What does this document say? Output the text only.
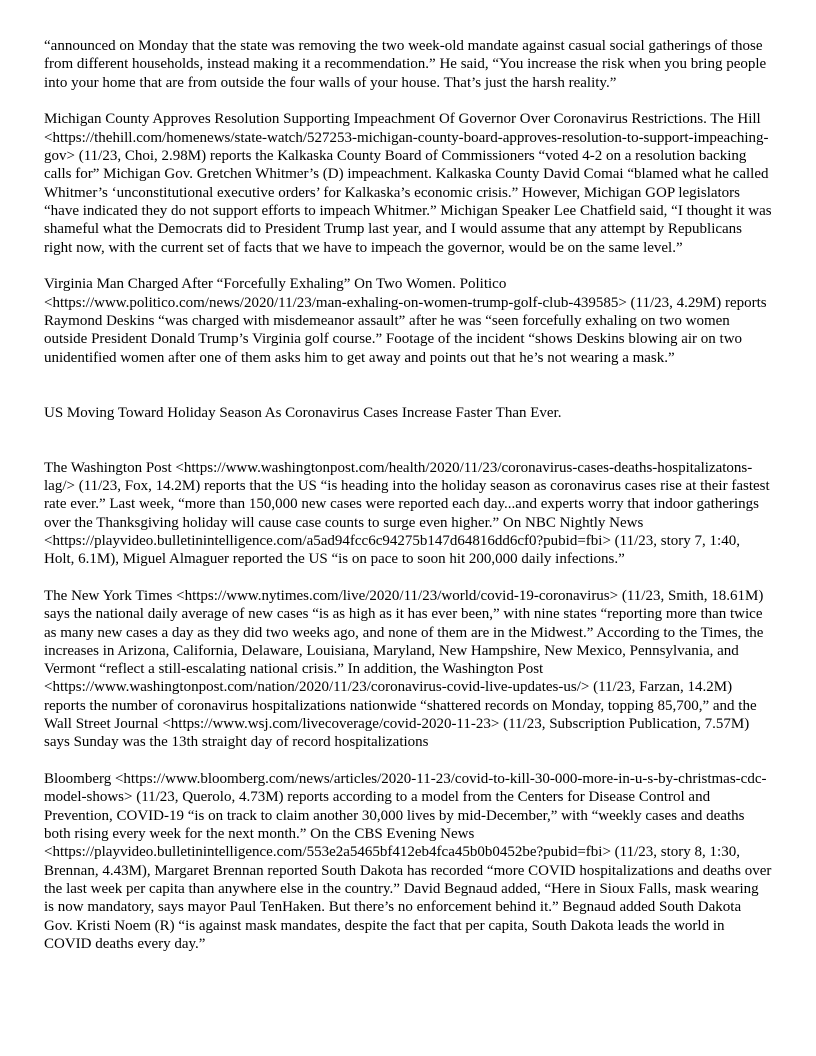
“announced on Monday that the state was removing the two week-old mandate against casual social gatherings of those from different households, instead making it a recommendation.” He said, “You increase the risk when you bring people into your home that are from outside the four walls of your house. That’s just the harsh reality.”

Michigan County Approves Resolution Supporting Impeachment Of Governor Over Coronavirus Restrictions. The Hill <https://thehill.com/homenews/state-watch/527253-michigan-county-board-approves-resolution-to-support-impeaching-gov> (11/23, Choi, 2.98M) reports the Kalkaska County Board of Commissioners “voted 4-2 on a resolution backing calls for” Michigan Gov. Gretchen Whitmer’s (D) impeachment. Kalkaska County David Comai “blamed what he called Whitmer’s ‘unconstitutional executive orders’ for Kalkaska’s economic crisis.” However, Michigan GOP legislators “have indicated they do not support efforts to impeach Whitmer.” Michigan Speaker Lee Chatfield said, “I thought it was shameful what the Democrats did to President Trump last year, and I would assume that any attempt by Republicans right now, with the current set of facts that we have to impeach the governor, would be on the same level.”

Virginia Man Charged After “Forcefully Exhaling” On Two Women. Politico <https://www.politico.com/news/2020/11/23/man-exhaling-on-women-trump-golf-club-439585> (11/23, 4.29M) reports Raymond Deskins “was charged with misdemeanor assault” after he was “seen forcefully exhaling on two women outside President Donald Trump’s Virginia golf course.” Footage of the incident “shows Deskins blowing air on two unidentified women after one of them asks him to get away and points out that he’s not wearing a mask.”

US Moving Toward Holiday Season As Coronavirus Cases Increase Faster Than Ever.

The Washington Post <https://www.washingtonpost.com/health/2020/11/23/coronavirus-cases-deaths-hospitalizatons-lag/> (11/23, Fox, 14.2M) reports that the US “is heading into the holiday season as coronavirus cases rise at their fastest rate ever.” Last week, “more than 150,000 new cases were reported each day...and experts worry that indoor gatherings over the Thanksgiving holiday will cause case counts to surge even higher.” On NBC Nightly News <https://playvideo.bulletinintelligence.com/a5ad94fcc6c94275b147d64816dd6cf0?pubid=fbi> (11/23, story 7, 1:40, Holt, 6.1M), Miguel Almaguer reported the US “is on pace to soon hit 200,000 daily infections.”

The New York Times <https://www.nytimes.com/live/2020/11/23/world/covid-19-coronavirus> (11/23, Smith, 18.61M) says the national daily average of new cases “is as high as it has ever been,” with nine states “reporting more than twice as many new cases a day as they did two weeks ago, and none of them are in the Midwest.” According to the Times, the increases in Arizona, California, Delaware, Louisiana, Maryland, New Hampshire, New Mexico, Pennsylvania, and Vermont “reflect a still-escalating national crisis.” In addition, the Washington Post <https://www.washingtonpost.com/nation/2020/11/23/coronavirus-covid-live-updates-us/> (11/23, Farzan, 14.2M) reports the number of coronavirus hospitalizations nationwide “shattered records on Monday, topping 85,700,” and the Wall Street Journal <https://www.wsj.com/livecoverage/covid-2020-11-23> (11/23, Subscription Publication, 7.57M) says Sunday was the 13th straight day of record hospitalizations

Bloomberg <https://www.bloomberg.com/news/articles/2020-11-23/covid-to-kill-30-000-more-in-u-s-by-christmas-cdc-model-shows> (11/23, Querolo, 4.73M) reports according to a model from the Centers for Disease Control and Prevention, COVID-19 “is on track to claim another 30,000 lives by mid-December,” with “weekly cases and deaths both rising every week for the next month.” On the CBS Evening News <https://playvideo.bulletinintelligence.com/553e2a5465bf412eb4fca45b0b0452be?pubid=fbi> (11/23, story 8, 1:30, Brennan, 4.43M), Margaret Brennan reported South Dakota has recorded “more COVID hospitalizations and deaths over the last week per capita than anywhere else in the country.” David Begnaud added, “Here in Sioux Falls, mask wearing is now mandatory, says mayor Paul TenHaken. But there’s no enforcement behind it.” Begnaud added South Dakota Gov. Kristi Noem (R) “is against mask mandates, despite the fact that per capita, South Dakota leads the world in COVID deaths every day.”
